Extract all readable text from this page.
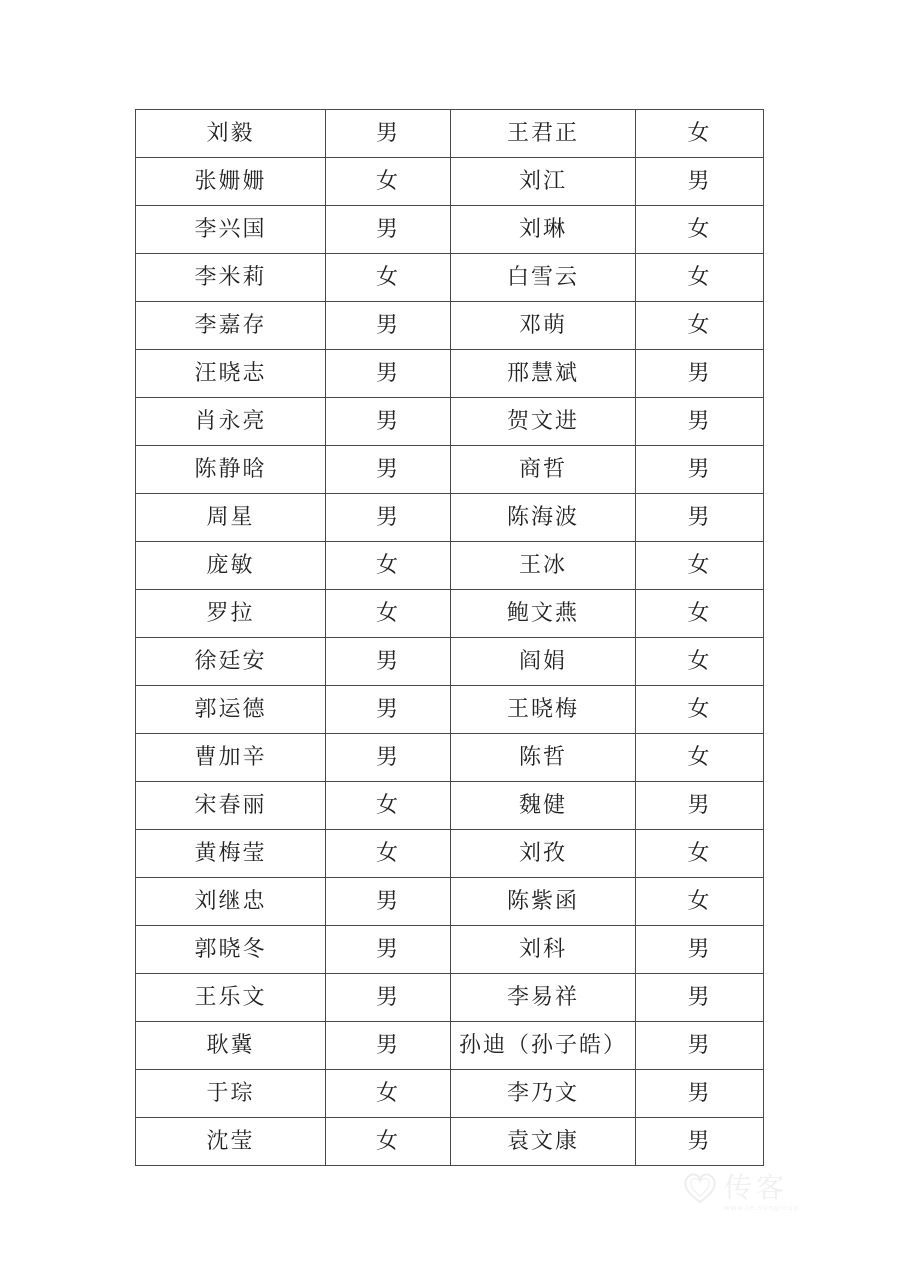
刘毅	男	王君正	女
张姗姗	女	刘江	男
李兴国	男	刘琳	女
李米莉	女	白雪云	女
李嘉存	男	邓萌	女
汪晓志	男	邢慧斌	男
肖永亮	男	贺文进	男
陈静晗	男	商哲	男
周星	男	陈海波	男
庞敏	女	王冰	女
罗拉	女	鲍文燕	女
徐廷安	男	阎娟	女
郭运德	男	王晓梅	女
曹加辛	男	陈哲	女
宋春丽	女	魏健	男
黄梅莹	女	刘孜	女
刘继忠	男	陈紫函	女
郭晓冬	男	刘科	男
王乐文	男	李易祥	男
耿冀	男	孙迪（孙子皓）	男
于琮	女	李乃文	男
沈莹	女	袁文康	男
传客
www.le.sungroup
